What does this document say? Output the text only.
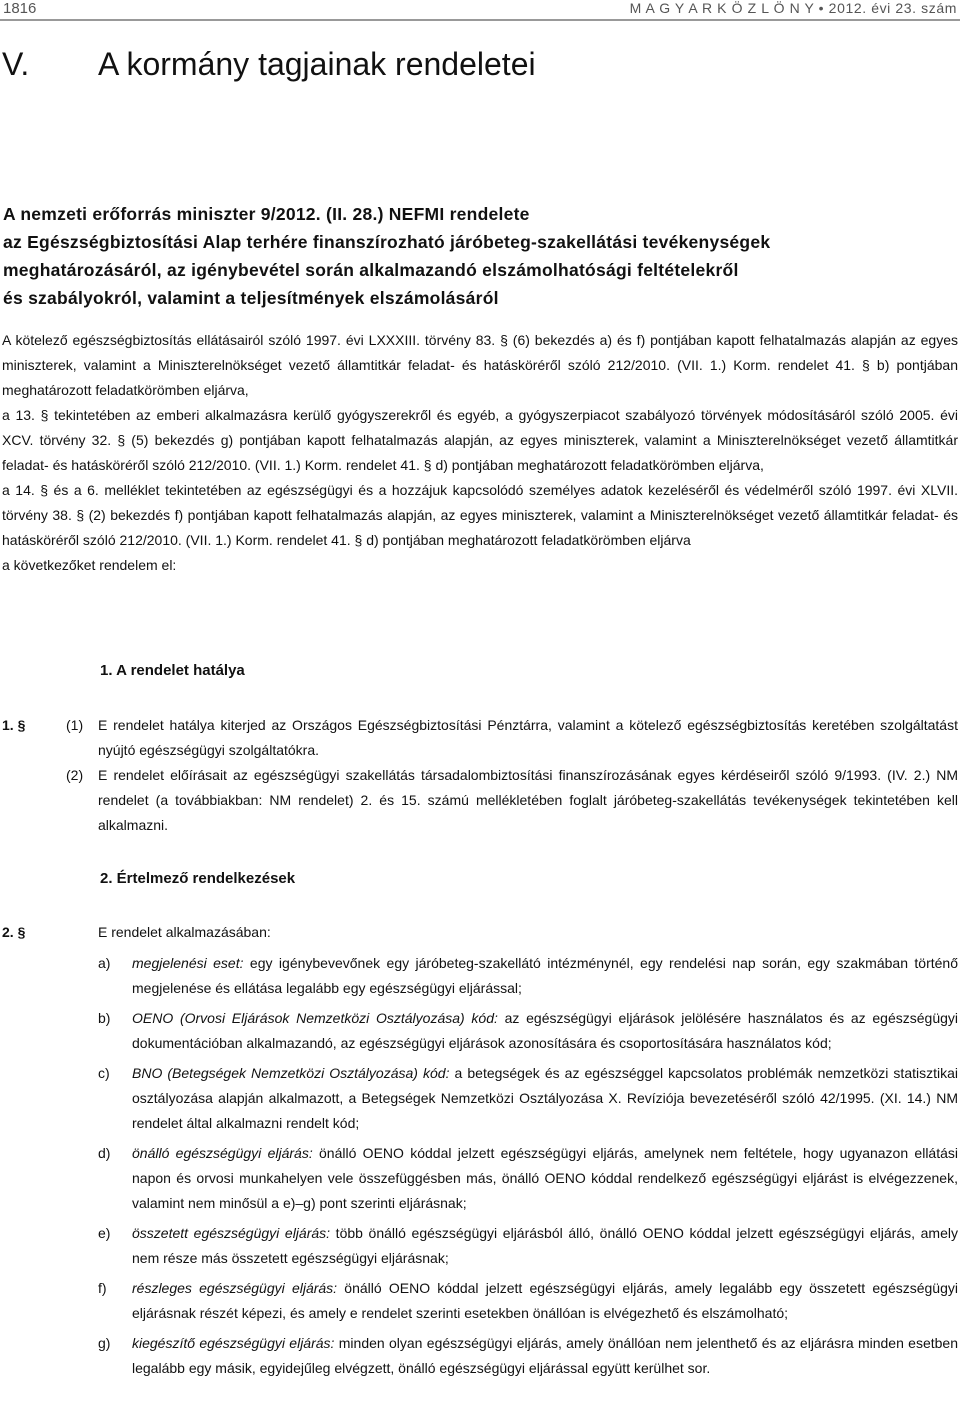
1816	M A G Y A R K Ö Z L Ö N Y • 2012. évi 23. szám
V. A kormány tagjainak rendeletei
A nemzeti erőforrás miniszter 9/2012. (II. 28.) NEFMI rendelete
az Egészségbiztosítási Alap terhére finanszírozható járóbeteg-szakellátási tevékenységek
meghatározásáról, az igénybevétel során alkalmazandó elszámolhatósági feltételekről
és szabályokról, valamint a teljesítmények elszámolásáról

A kötelező egészségbiztosítás ellátásairól szóló 1997. évi LXXXIII. törvény 83. § (6) bekezdés a) és f) pontjában kapott felhatalmazás alapján az egyes miniszterek, valamint a Miniszterelnökséget vezető államtitkár feladat- és hatásköréről szóló 212/2010. (VII. 1.) Korm. rendelet 41. § b) pontjában meghatározott feladatkörömben eljárva,

a 13. § tekintetében az emberi alkalmazásra kerülő gyógyszerekről és egyéb, a gyógyszerpiacot szabályozó törvények módosításáról szóló 2005. évi XCV. törvény 32. § (5) bekezdés g) pontjában kapott felhatalmazás alapján, az egyes miniszterek, valamint a Miniszterelnökséget vezető államtitkár feladat- és hatásköréről szóló 212/2010. (VII. 1.) Korm. rendelet 41. § d) pontjában meghatározott feladatkörömben eljárva,

a 14. § és a 6. melléklet tekintetében az egészségügyi és a hozzájuk kapcsolódó személyes adatok kezeléséről és védelméről szóló 1997. évi XLVII. törvény 38. § (2) bekezdés f) pontjában kapott felhatalmazás alapján, az egyes miniszterek, valamint a Miniszterelnökséget vezető államtitkár feladat- és hatásköréről szóló 212/2010. (VII. 1.) Korm. rendelet 41. § d) pontjában meghatározott feladatkörömben eljárva

a következőket rendelem el:

1. A rendelet hatálya
1. §	(1) E rendelet hatálya kiterjed az Országos Egészségbiztosítási Pénztárra, valamint a kötelező egészségbiztosítás keretében szolgáltatást nyújtó egészségügyi szolgáltatókra.
(2) E rendelet előírásait az egészségügyi szakellátás társadalombiztosítási finanszírozásának egyes kérdéseiről szóló 9/1993. (IV. 2.) NM rendelet (a továbbiakban: NM rendelet) 2. és 15. számú mellékletében foglalt járóbeteg-szakellátás tevékenységek tekintetében kell alkalmazni.
2. Értelmező rendelkezések
2. §	E rendelet alkalmazásában:
a) megjelenési eset: egy igénybevevőnek egy járóbeteg-szakellátó intézménynél, egy rendelési nap során, egy szakmában történő megjelenése és ellátása legalább egy egészségügyi eljárással;
b) OENO (Orvosi Eljárások Nemzetközi Osztályozása) kód: az egészségügyi eljárások jelölésére használatos és az egészségügyi dokumentációban alkalmazandó, az egészségügyi eljárások azonosítására és csoportosítására használatos kód;
c) BNO (Betegségek Nemzetközi Osztályozása) kód: a betegségek és az egészséggel kapcsolatos problémák nemzetközi statisztikai osztályozása alapján alkalmazott, a Betegségek Nemzetközi Osztályozása X. Revíziója bevezetéséről szóló 42/1995. (XI. 14.) NM rendelet által alkalmazni rendelt kód;
d) önálló egészségügyi eljárás: önálló OENO kóddal jelzett egészségügyi eljárás, amelynek nem feltétele, hogy ugyanazon ellátási napon és orvosi munkahelyen vele összefüggésben más, önálló OENO kóddal rendelkező egészségügyi eljárást is elvégezzenek, valamint nem minősül a e)–g) pont szerinti eljárásnak;
e) összetett egészségügyi eljárás: több önálló egészségügyi eljárásból álló, önálló OENO kóddal jelzett egészségügyi eljárás, amely nem része más összetett egészségügyi eljárásnak;
f) részleges egészségügyi eljárás: önálló OENO kóddal jelzett egészségügyi eljárás, amely legalább egy összetett egészségügyi eljárásnak részét képezi, és amely e rendelet szerinti esetekben önállóan is elvégezhető és elszámolható;
g) kiegészítő egészségügyi eljárás: minden olyan egészségügyi eljárás, amely önállóan nem jelenthető és az eljárásra minden esetben legalább egy másik, egyidejűleg elvégzett, önálló egészségügyi eljárással együtt kerülhet sor.
